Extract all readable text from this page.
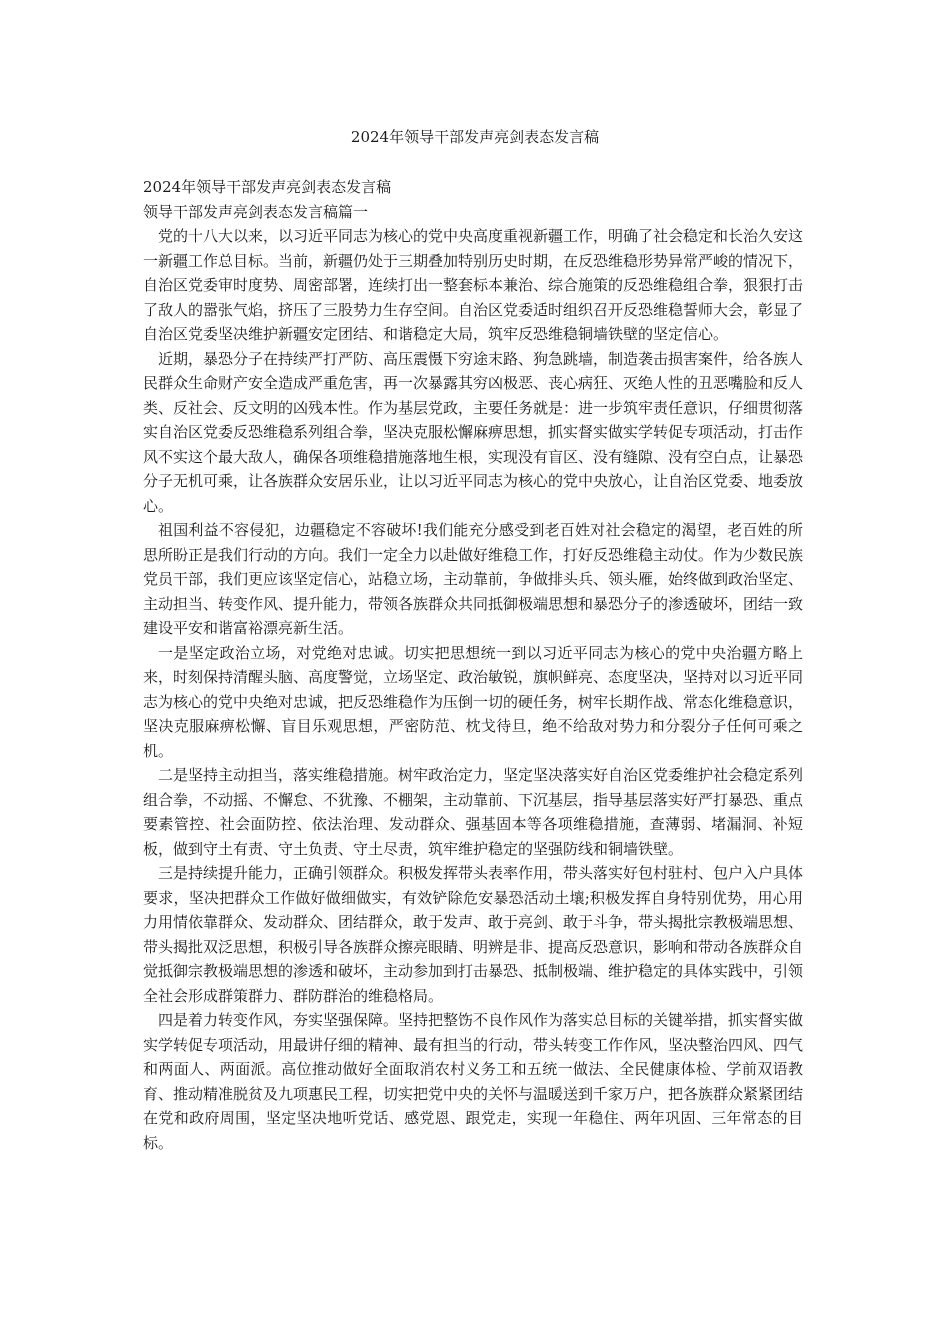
2024年领导干部发声亮剑表态发言稿

2024年领导干部发声亮剑表态发言稿

领导干部发声亮剑表态发言稿篇一

党的十八大以来，以习近平同志为核心的党中央高度重视新疆工作，明确了社会稳定和长治久安这一新疆工作总目标。当前，新疆仍处于三期叠加特别历史时期，在反恐维稳形势异常严峻的情况下，自治区党委审时度势、周密部署，连续打出一整套标本兼治、综合施策的反恐维稳组合拳，狠狠打击了敌人的嚣张气焰，挤压了三股势力生存空间。自治区党委适时组织召开反恐维稳誓师大会，彰显了自治区党委坚决维护新疆安定团结、和谐稳定大局，筑牢反恐维稳铜墙铁壁的坚定信心。

近期，暴恐分子在持续严打严防、高压震慑下穷途末路、狗急跳墙，制造袭击损害案件，给各族人民群众生命财产安全造成严重危害，再一次暴露其穷凶极恶、丧心病狂、灭绝人性的丑恶嘴脸和反人类、反社会、反文明的凶残本性。作为基层党政，主要任务就是：进一步筑牢责任意识，仔细贯彻落实自治区党委反恐维稳系列组合拳，坚决克服松懈麻痹思想，抓实督实做实学转促专项活动，打击作风不实这个最大敌人，确保各项维稳措施落地生根，实现没有盲区、没有缝隙、没有空白点，让暴恐分子无机可乘，让各族群众安居乐业，让以习近平同志为核心的党中央放心，让自治区党委、地委放心。

祖国利益不容侵犯，边疆稳定不容破坏!我们能充分感受到老百姓对社会稳定的渴望，老百姓的所思所盼正是我们行动的方向。我们一定全力以赴做好维稳工作，打好反恐维稳主动仗。作为少数民族党员干部，我们更应该坚定信心，站稳立场，主动靠前，争做排头兵、领头雁，始终做到政治坚定、主动担当、转变作风、提升能力，带领各族群众共同抵御极端思想和暴恐分子的渗透破坏，团结一致建设平安和谐富裕漂亮新生活。

一是坚定政治立场，对党绝对忠诚。切实把思想统一到以习近平同志为核心的党中央治疆方略上来，时刻保持清醒头脑、高度警觉，立场坚定、政治敏锐，旗帜鲜亮、态度坚决，坚持对以习近平同志为核心的党中央绝对忠诚，把反恐维稳作为压倒一切的硬任务，树牢长期作战、常态化维稳意识，坚决克服麻痹松懈、盲目乐观思想，严密防范、枕戈待旦，绝不给敌对势力和分裂分子任何可乘之机。

二是坚持主动担当，落实维稳措施。树牢政治定力，坚定坚决落实好自治区党委维护社会稳定系列组合拳，不动摇、不懈怠、不犹豫、不棚架，主动靠前、下沉基层，指导基层落实好严打暴恐、重点要素管控、社会面防控、依法治理、发动群众、强基固本等各项维稳措施，查薄弱、堵漏洞、补短板，做到守土有责、守土负责、守土尽责，筑牢维护稳定的坚强防线和铜墙铁壁。

三是持续提升能力，正确引领群众。积极发挥带头表率作用，带头落实好包村驻村、包户入户具体要求，坚决把群众工作做好做细做实，有效铲除危安暴恐活动土壤;积极发挥自身特别优势，用心用力用情依靠群众、发动群众、团结群众，敢于发声、敢于亮剑、敢于斗争，带头揭批宗教极端思想、带头揭批双泛思想，积极引导各族群众擦亮眼睛、明辨是非、提高反恐意识，影响和带动各族群众自觉抵御宗教极端思想的渗透和破坏，主动参加到打击暴恐、抵制极端、维护稳定的具体实践中，引领全社会形成群策群力、群防群治的维稳格局。

四是着力转变作风，夯实坚强保障。坚持把整饬不良作风作为落实总目标的关键举措，抓实督实做实学转促专项活动，用最讲仔细的精神、最有担当的行动，带头转变工作作风，坚决整治四风、四气和两面人、两面派。高位推动做好全面取消农村义务工和五统一做法、全民健康体检、学前双语教育、推动精准脱贫及九项惠民工程，切实把党中央的关怀与温暖送到千家万户，把各族群众紧紧团结在党和政府周围，坚定坚决地听党话、感党恩、跟党走，实现一年稳住、两年巩固、三年常态的目标。
